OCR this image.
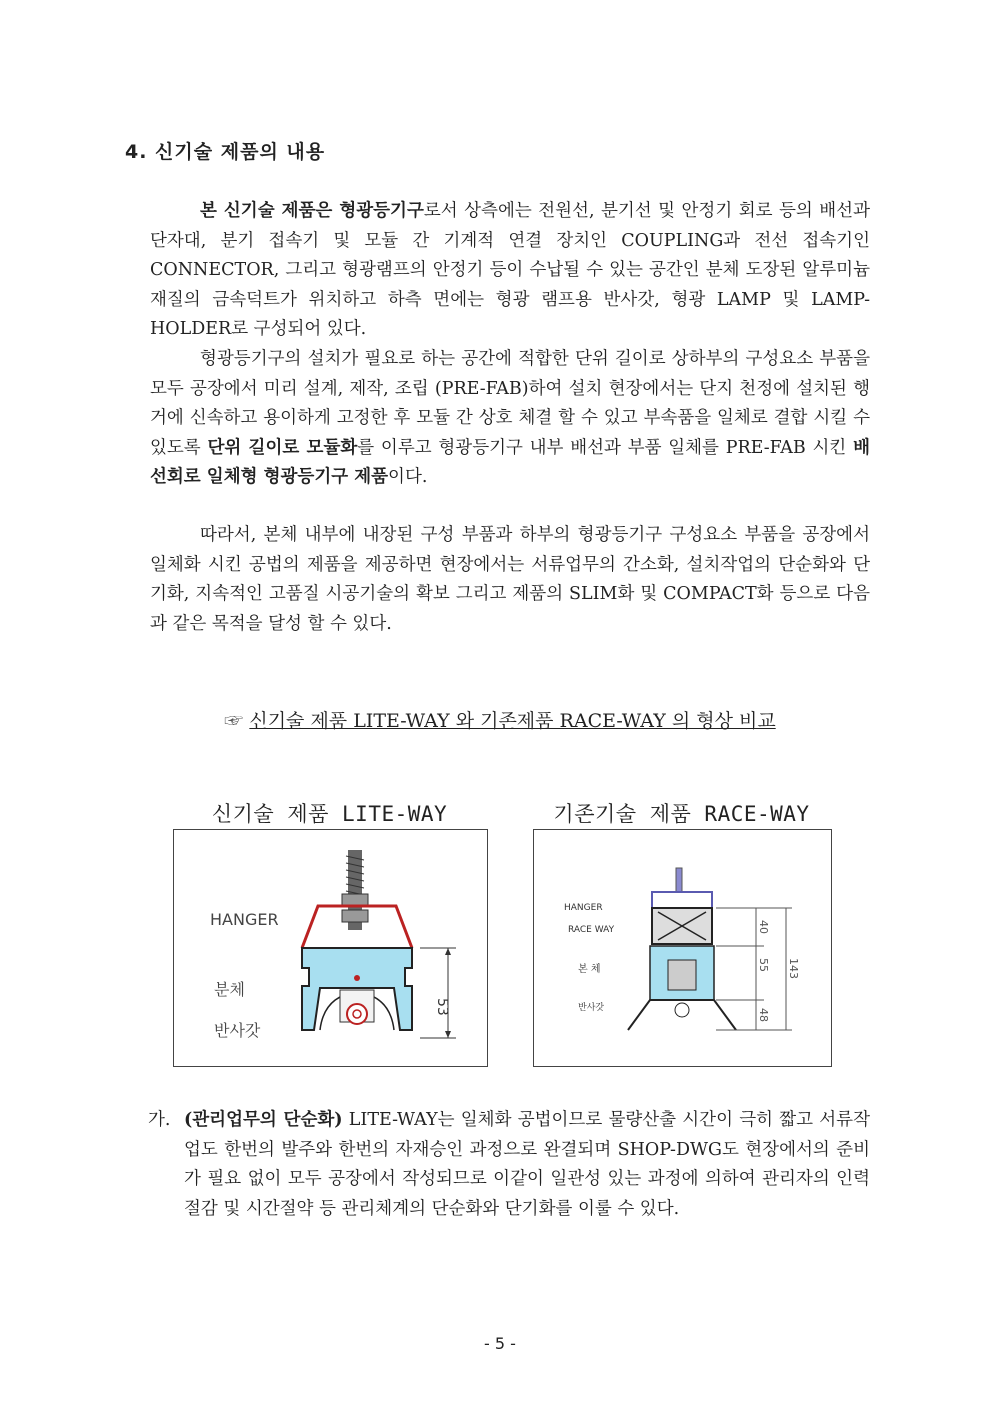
4. 신기술 제품의 내용

본 신기술 제품은 형광등기구로서 상측에는 전원선, 분기선 및 안정기 회로 등의 배선과 단자대, 분기 접속기 및 모듈 간 기계적 연결 장치인 COUPLING과 전선 접속기인 CONNECTOR, 그리고 형광램프의 안정기 등이 수납될 수 있는 공간인 분체 도장된 알루미늄 재질의 금속덕트가 위치하고 하측 면에는 형광 램프용 반사갓, 형광 LAMP 및 LAMP- HOLDER로 구성되어 있다.

형광등기구의 설치가 필요로 하는 공간에 적합한 단위 길이로 상하부의 구성요소 부품을 모두 공장에서 미리 설계, 제작, 조립 (PRE-FAB)하여 설치 현장에서는 단지 천정에 설치된 행거에 신속하고 용이하게 고정한 후 모듈 간 상호 체결 할 수 있고 부속품을 일체로 결합 시킬 수 있도록 단위 길이로 모듈화를 이루고 형광등기구 내부 배선과 부품 일체를 PRE-FAB 시킨 배선회로 일체형 형광등기구 제품이다.

따라서, 본체 내부에 내장된 구성 부품과 하부의 형광등기구 구성요소 부품을 공장에서 일체화 시킨 공법의 제품을 제공하면 현장에서는 서류업무의 간소화, 설치작업의 단순화와 단기화, 지속적인 고품질 시공기술의 확보 그리고 제품의 SLIM화 및 COMPACT화 등으로 다음과 같은 목적을 달성 할 수 있다.

☞ 신기술 제품 LITE-WAY 와 기존제품 RACE-WAY 의 형상 비교
신기술 제품 LITE-WAY	기존기술 제품 RACE-WAY
HANGER
분체
반사갓
53
HANGER
RACE WAY
본 체
반사갓
40
55 143
48
가. (관리업무의 단순화) LITE-WAY는 일체화 공법이므로 물량산출 시간이 극히 짧고 서류작업도 한번의 발주와 한번의 자재승인 과정으로 완결되며 SHOP-DWG도 현장에서의 준비가 필요 없이 모두 공장에서 작성되므로 이같이 일관성 있는 과정에 의하여 관리자의 인력절감 및 시간절약 등 관리체계의 단순화와 단기화를 이룰 수 있다.
- 5 -
